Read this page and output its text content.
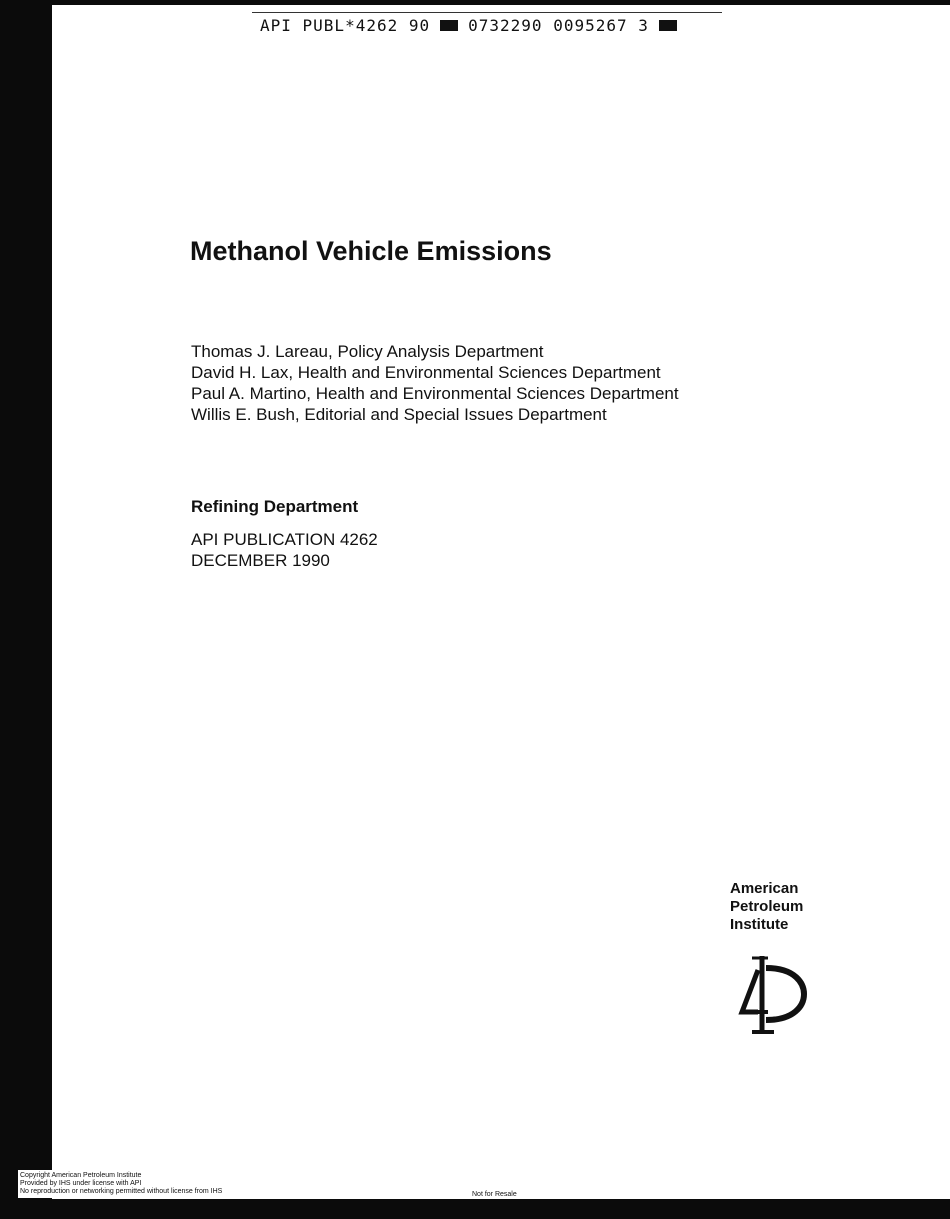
API PUBL*4262 90 0732290 0095267 3
Methanol Vehicle Emissions
Thomas J. Lareau, Policy Analysis Department
David H. Lax, Health and Environmental Sciences Department
Paul A. Martino, Health and Environmental Sciences Department
Willis E. Bush, Editorial and Special Issues Department
Refining Department
API PUBLICATION 4262
DECEMBER 1990
American
Petroleum
Institute
Copyright American Petroleum Institute
Provided by IHS under license with API
No reproduction or networking permitted without license from IHS	Not for Resale
